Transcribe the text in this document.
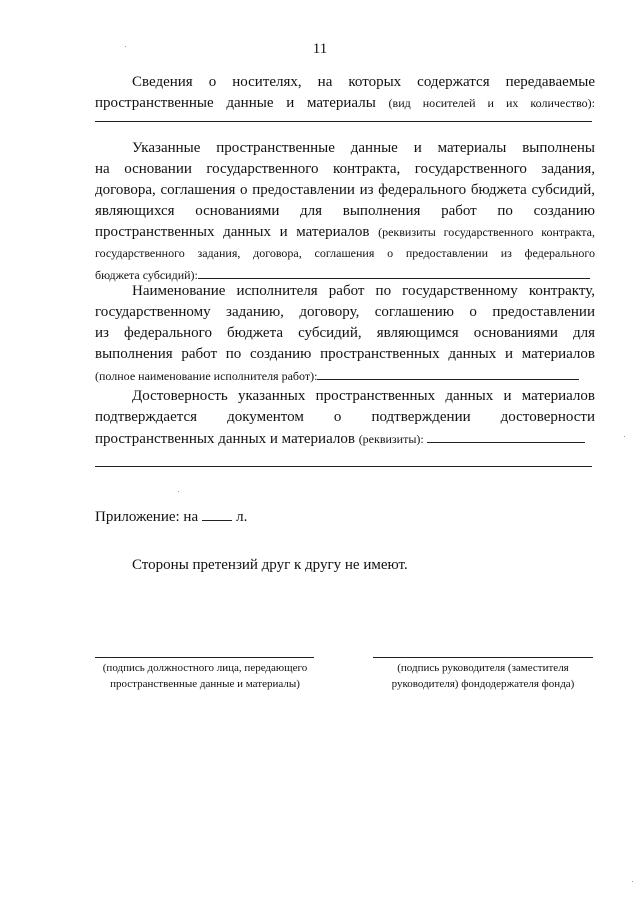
11
Сведения о носителях, на которых содержатся передаваемые
пространственные данные и материалы (вид носителей и их количество):
Указанные пространственные данные и материалы выполнены
на основании государственного контракта, государственного задания,
договора, соглашения о предоставлении из федерального бюджета субсидий,
являющихся основаниями для выполнения работ по созданию
пространственных данных и материалов (реквизиты государственного контракта,
государственного задания, договора, соглашения о предоставлении из федерального
бюджета субсидий):
Наименование исполнителя работ по государственному контракту,
государственному заданию, договору, соглашению о предоставлении
из федерального бюджета субсидий, являющимся основаниями для
выполнения работ по созданию пространственных данных и материалов
(полное наименование исполнителя работ):
Достоверность указанных пространственных данных и материалов
подтверждается документом о подтверждении достоверности
пространственных данных и материалов (реквизиты):
Приложение: на	л.
Стороны претензий друг к другу не имеют.
(подпись должностного лица, передающего
пространственные данные и материалы)
(подпись руководителя (заместителя
руководителя) фондодержателя фонда)
